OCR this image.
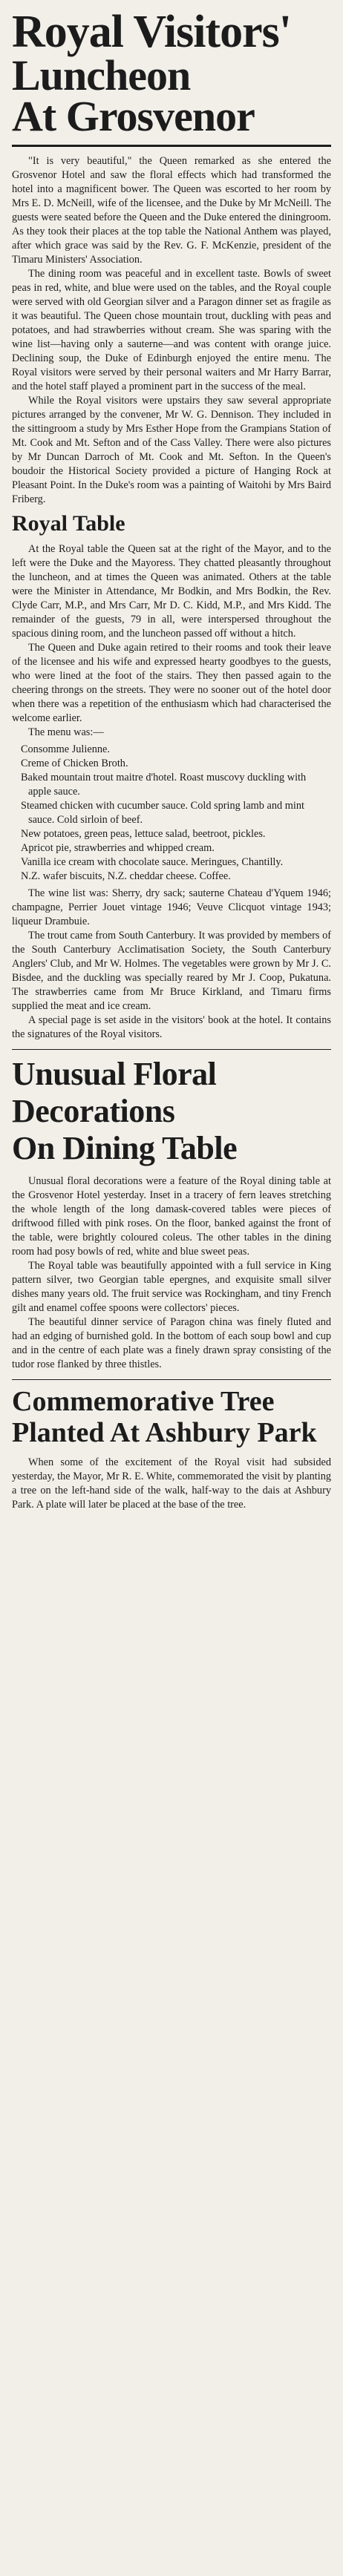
Royal Visitors'
Luncheon
At Grosvenor

"It is very beautiful," the Queen remarked as she entered the Grosvenor Hotel and saw the floral effects which had transformed the hotel into a magnificent bower. The Queen was escorted to her room by Mrs E. D. McNeill, wife of the licensee, and the Duke by Mr McNeill. The guests were seated before the Queen and the Duke entered the diningroom. As they took their places at the top table the National Anthem was played, after which grace was said by the Rev. G. F. McKenzie, president of the Timaru Ministers' Association.

The dining room was peaceful and in excellent taste. Bowls of sweet peas in red, white, and blue were used on the tables, and the Royal couple were served with old Georgian silver and a Paragon dinner set as fragile as it was beautiful. The Queen chose mountain trout, duckling with peas and potatoes, and had strawberries without cream. She was sparing with the wine list—having only a sauterne—and was content with orange juice. Declining soup, the Duke of Edinburgh enjoyed the entire menu. The Royal visitors were served by their personal waiters and Mr Harry Barrar, and the hotel staff played a prominent part in the success of the meal.

While the Royal visitors were upstairs they saw several appropriate pictures arranged by the convener, Mr W. G. Dennison. They included in the sittingroom a study by Mrs Esther Hope from the Grampians Station of Mt. Cook and Mt. Sefton and of the Cass Valley. There were also pictures by Mr Duncan Darroch of Mt. Cook and Mt. Sefton. In the Queen's boudoir the Historical Society provided a picture of Hanging Rock at Pleasant Point. In the Duke's room was a painting of Waitohi by Mrs Baird Friberg.

Royal Table

At the Royal table the Queen sat at the right of the Mayor, and to the left were the Duke and the Mayoress. They chatted pleasantly throughout the luncheon, and at times the Queen was animated. Others at the table were the Minister in Attendance, Mr Bodkin, and Mrs Bodkin, the Rev. Clyde Carr, M.P., and Mrs Carr, Mr D. C. Kidd, M.P., and Mrs Kidd. The remainder of the guests, 79 in all, were interspersed throughout the spacious dining room, and the luncheon passed off without a hitch.

The Queen and Duke again retired to their rooms and took their leave of the licensee and his wife and expressed hearty goodbyes to the guests, who were lined at the foot of the stairs. They then passed again to the cheering throngs on the streets. They were no sooner out of the hotel door when there was a repetition of the enthusiasm which had characterised the welcome earlier.

The menu was:—

Consomme Julienne.
Creme of Chicken Broth.
Baked mountain trout maitre d'hotel. Roast muscovy duckling with apple sauce.
Steamed chicken with cucumber sauce. Cold spring lamb and mint sauce. Cold sirloin of beef.
New potatoes, green peas, lettuce salad, beetroot, pickles.
Apricot pie, strawberries and whipped cream.
Vanilla ice cream with chocolate sauce. Meringues, Chantilly.
N.Z. wafer biscuits, N.Z. cheddar cheese. Coffee.

The wine list was: Sherry, dry sack; sauterne Chateau d'Yquem 1946; champagne, Perrier Jouet vintage 1946; Veuve Clicquot vintage 1943; liqueur Drambuie.

The trout came from South Canterbury. It was provided by members of the South Canterbury Acclimatisation Society, the South Canterbury Anglers' Club, and Mr W. Holmes. The vegetables were grown by Mr J. C. Bisdee, and the duckling was specially reared by Mr J. Coop, Pukatuna. The strawberries came from Mr Bruce Kirkland, and Timaru firms supplied the meat and ice cream.

A special page is set aside in the visitors' book at the hotel. It contains the signatures of the Royal visitors.

Unusual Floral
Decorations
On Dining Table

Unusual floral decorations were a feature of the Royal dining table at the Grosvenor Hotel yesterday. Inset in a tracery of fern leaves stretching the whole length of the long damask-covered tables were pieces of driftwood filled with pink roses. On the floor, banked against the front of the table, were brightly coloured coleus. The other tables in the dining room had posy bowls of red, white and blue sweet peas.

The Royal table was beautifully appointed with a full service in King pattern silver, two Georgian table epergnes, and exquisite small silver dishes many years old. The fruit service was Rockingham, and tiny French gilt and enamel coffee spoons were collectors' pieces.

The beautiful dinner service of Paragon china was finely fluted and had an edging of burnished gold. In the bottom of each soup bowl and cup and in the centre of each plate was a finely drawn spray consisting of the tudor rose flanked by three thistles.

Commemorative Tree
Planted At Ashbury Park

When some of the excitement of the Royal visit had subsided yesterday, the Mayor, Mr R. E. White, commemorated the visit by planting a tree on the left-hand side of the walk, half-way to the dais at Ashbury Park. A plate will later be placed at the base of the tree.
